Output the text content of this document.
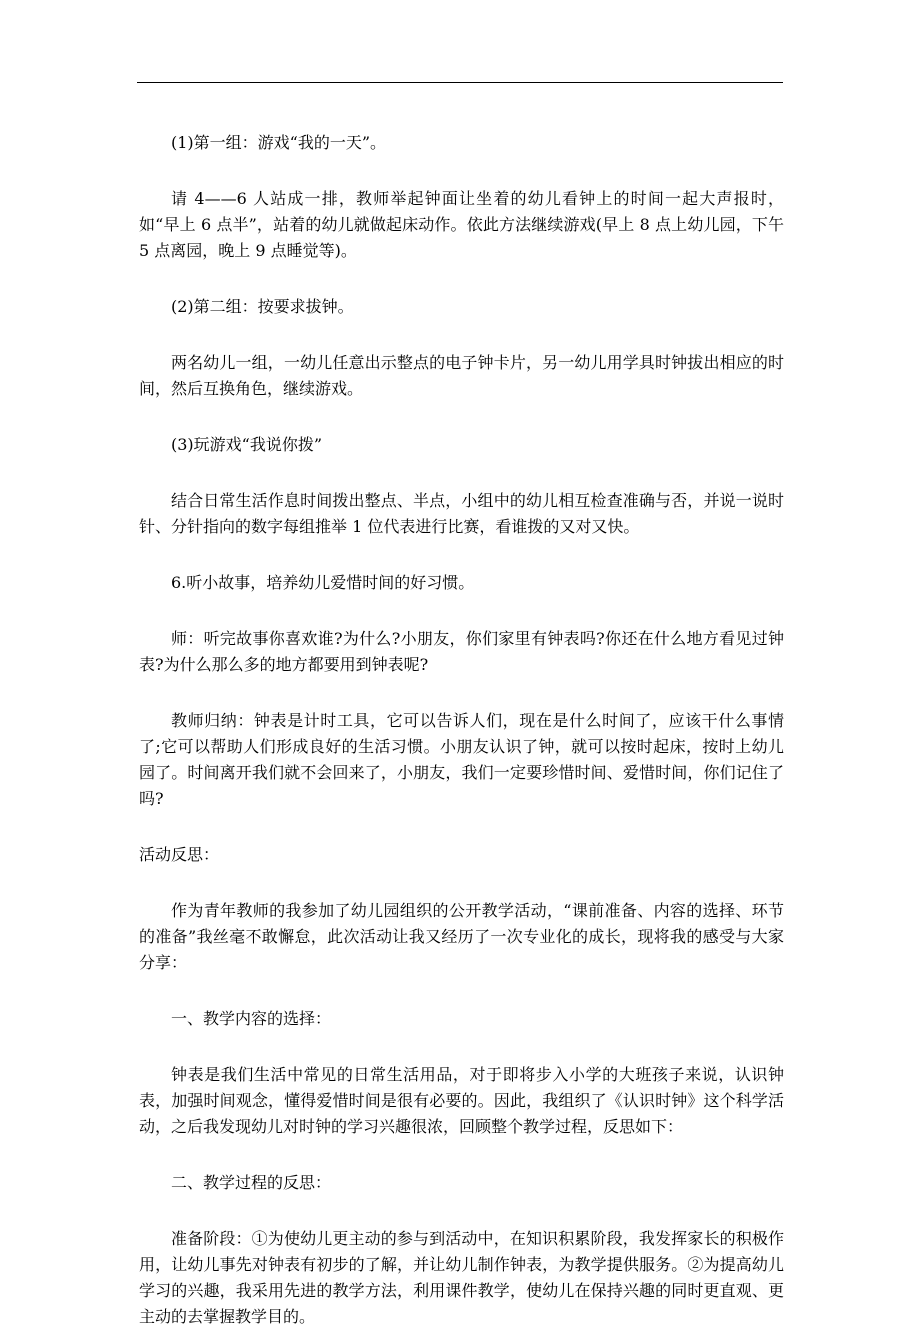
(1)第一组：游戏“我的一天”。

请 4——6 人站成一排，教师举起钟面让坐着的幼儿看钟上的时间一起大声报时，如“早上 6 点半”，站着的幼儿就做起床动作。依此方法继续游戏(早上 8 点上幼儿园，下午 5 点离园，晚上 9 点睡觉等)。

(2)第二组：按要求拔钟。

两名幼儿一组，一幼儿任意出示整点的电子钟卡片，另一幼儿用学具时钟拔出相应的时间，然后互换角色，继续游戏。

(3)玩游戏“我说你拨”

结合日常生活作息时间拨出整点、半点，小组中的幼儿相互检查准确与否，并说一说时针、分针指向的数字每组推举 1 位代表进行比赛，看谁拨的又对又快。

6.听小故事，培养幼儿爱惜时间的好习惯。

师：听完故事你喜欢谁?为什么?小朋友，你们家里有钟表吗?你还在什么地方看见过钟表?为什么那么多的地方都要用到钟表呢?

教师归纳：钟表是计时工具，它可以告诉人们，现在是什么时间了，应该干什么事情了;它可以帮助人们形成良好的生活习惯。小朋友认识了钟，就可以按时起床，按时上幼儿园了。时间离开我们就不会回来了，小朋友，我们一定要珍惜时间、爱惜时间，你们记住了吗?

活动反思：

作为青年教师的我参加了幼儿园组织的公开教学活动，“课前准备、内容的选择、环节的准备”我丝毫不敢懈怠，此次活动让我又经历了一次专业化的成长，现将我的感受与大家分享：

一、教学内容的选择：

钟表是我们生活中常见的日常生活用品，对于即将步入小学的大班孩子来说，认识钟表，加强时间观念，懂得爱惜时间是很有必要的。因此，我组织了《认识时钟》这个科学活动，之后我发现幼儿对时钟的学习兴趣很浓，回顾整个教学过程，反思如下：

二、教学过程的反思：

准备阶段：①为使幼儿更主动的参与到活动中，在知识积累阶段，我发挥家长的积极作用，让幼儿事先对钟表有初步的了解，并让幼儿制作钟表，为教学提供服务。②为提高幼儿学习的兴趣，我采用先进的教学方法，利用课件教学，使幼儿在保持兴趣的同时更直观、更主动的去掌握教学目的。
